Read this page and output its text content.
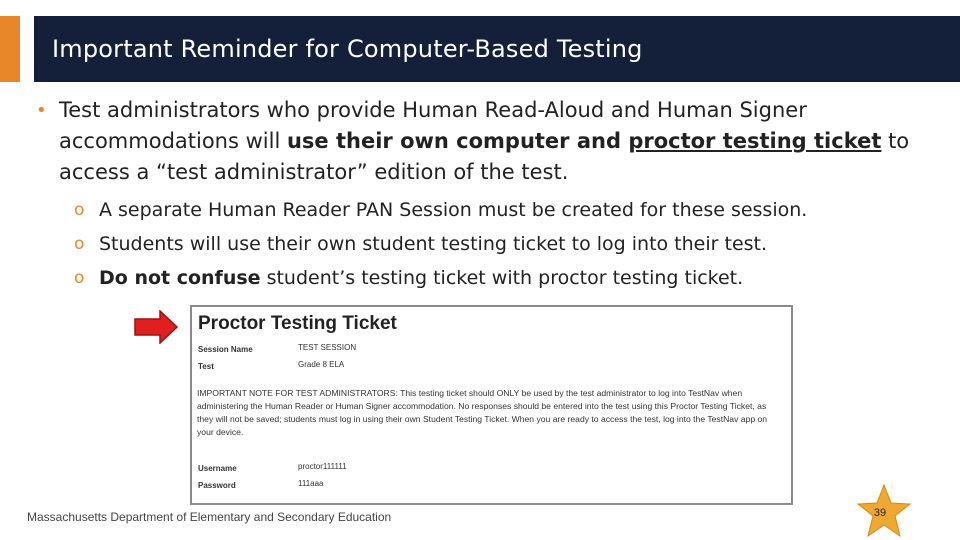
Important Reminder for Computer-Based Testing
• Test administrators who provide Human Read-Aloud and Human Signer accommodations will use their own computer and proctor testing ticket to access a “test administrator” edition of the test.
o A separate Human Reader PAN Session must be created for these session.
o Students will use their own student testing ticket to log into their test.
o Do not confuse student’s testing ticket with proctor testing ticket.
Proctor Testing Ticket
Session Name	TEST SESSION
Test	Grade 8 ELA
IMPORTANT NOTE FOR TEST ADMINISTRATORS: This testing ticket should ONLY be used by the test administrator to log into TestNav when administering the Human Reader or Human Signer accommodation. No responses should be entered into the test using this Proctor Testing Ticket, as they will not be saved; students must log in using their own Student Testing Ticket. When you are ready to access the test, log into the TestNav app on your device.
Username	proctor111111
Password	111aaa
Massachusetts Department of Elementary and Secondary Education	39
